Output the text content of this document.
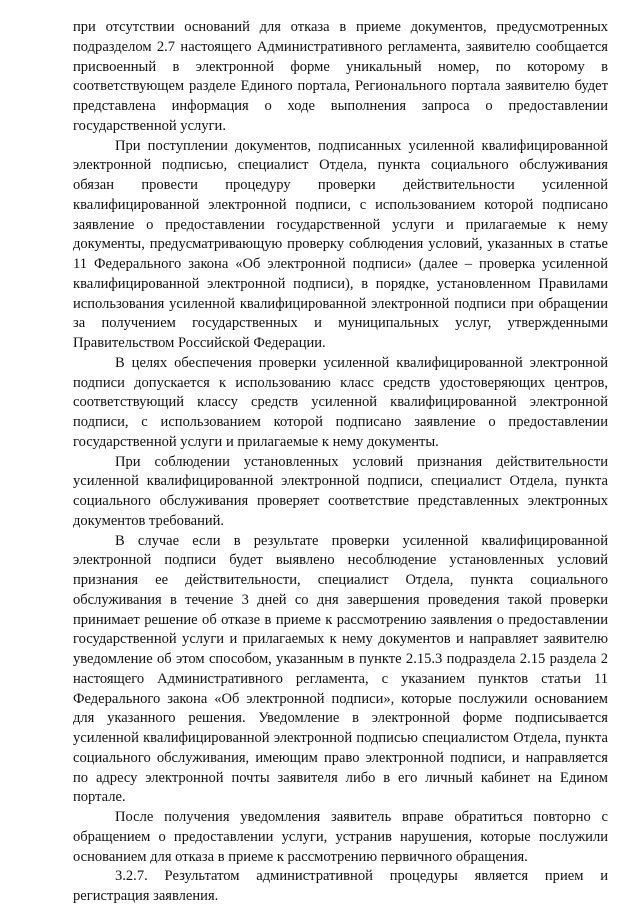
при отсутствии оснований для отказа в приеме документов, предусмотренных подразделом 2.7 настоящего Административного регламента, заявителю сообщается присвоенный в электронной форме уникальный номер, по которому в соответствующем разделе Единого портала, Регионального портала заявителю будет представлена информация о ходе выполнения запроса о предоставлении государственной услуги.

При поступлении документов, подписанных усиленной квалифицированной электронной подписью, специалист Отдела, пункта социального обслуживания обязан провести процедуру проверки действительности усиленной квалифицированной электронной подписи, с использованием которой подписано заявление о предоставлении государственной услуги и прилагаемые к нему документы, предусматривающую проверку соблюдения условий, указанных в статье 11 Федерального закона «Об электронной подписи» (далее – проверка усиленной квалифицированной электронной подписи), в порядке, установленном Правилами использования усиленной квалифицированной электронной подписи при обращении за получением государственных и муниципальных услуг, утвержденными Правительством Российской Федерации.

В целях обеспечения проверки усиленной квалифицированной электронной подписи допускается к использованию класс средств удостоверяющих центров, соответствующий классу средств усиленной квалифицированной электронной подписи, с использованием которой подписано заявление о предоставлении государственной услуги и прилагаемые к нему документы.

При соблюдении установленных условий признания действительности усиленной квалифицированной электронной подписи, специалист Отдела, пункта социального обслуживания проверяет соответствие представленных электронных документов требований.

В случае если в результате проверки усиленной квалифицированной электронной подписи будет выявлено несоблюдение установленных условий признания ее действительности, специалист Отдела, пункта социального обслуживания в течение 3 дней со дня завершения проведения такой проверки принимает решение об отказе в приеме к рассмотрению заявления о предоставлении государственной услуги и прилагаемых к нему документов и направляет заявителю уведомление об этом способом, указанным в пункте 2.15.3 подраздела 2.15 раздела 2 настоящего Административного регламента, с указанием пунктов статьи 11 Федерального закона «Об электронной подписи», которые послужили основанием для указанного решения. Уведомление в электронной форме подписывается усиленной квалифицированной электронной подписью специалистом Отдела, пункта социального обслуживания, имеющим право электронной подписи, и направляется по адресу электронной почты заявителя либо в его личный кабинет на Едином портале.

После получения уведомления заявитель вправе обратиться повторно с обращением о предоставлении услуги, устранив нарушения, которые послужили основанием для отказа в приеме к рассмотрению первичного обращения.

3.2.7. Результатом административной процедуры является прием и регистрация заявления.
